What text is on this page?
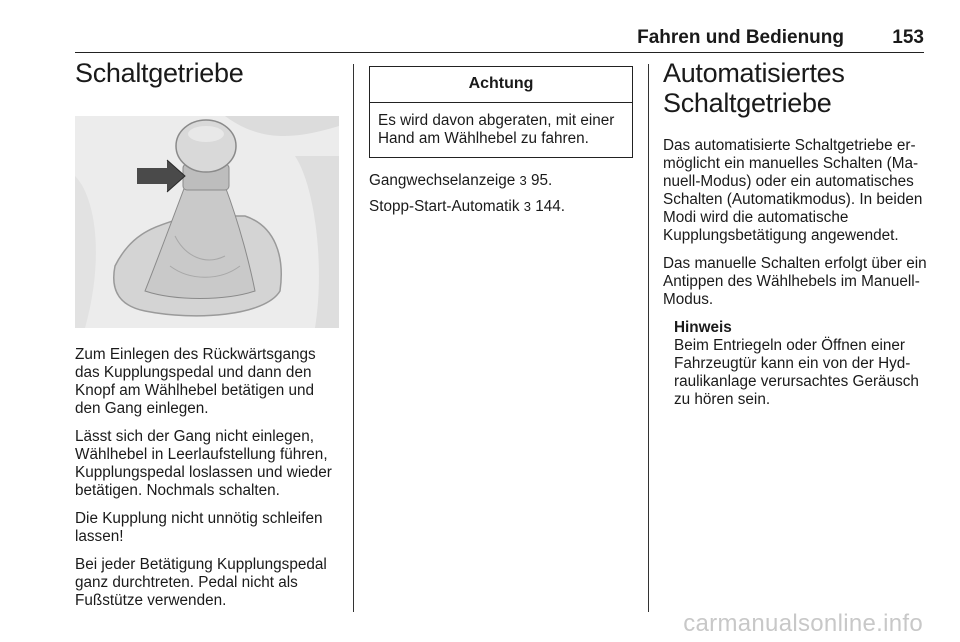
Fahren und Bedienung	153
Schaltgetriebe

Zum Einlegen des Rückwärtsgangs das Kupplungspedal und dann den Knopf am Wählhebel betätigen und den Gang einlegen.

Lässt sich der Gang nicht einlegen, Wählhebel in Leerlaufstellung führen, Kupplungspedal loslassen und wieder betätigen. Nochmals schalten.

Die Kupplung nicht unnötig schleifen lassen!

Bei jeder Betätigung Kupplungspedal ganz durchtreten. Pedal nicht als Fußstütze verwenden.

Achtung
Es wird davon abgeraten, mit einer Hand am Wählhebel zu fahren.

Gangwechselanzeige 3 95.

Stopp-Start-Automatik 3 144.

Automatisiertes Schaltgetriebe

Das automatisierte Schaltgetriebe ermöglicht ein manuelles Schalten (Manuell-Modus) oder ein automatisches Schalten (Automatikmodus). In beiden Modi wird die automatische Kupplungsbetätigung angewendet.

Das manuelle Schalten erfolgt über ein Antippen des Wählhebels im Manuell-Modus.

Hinweis
Beim Entriegeln oder Öffnen einer Fahrzeugtür kann ein von der Hydraulikanlage verursachtes Geräusch zu hören sein.
carmanualsonline.info
